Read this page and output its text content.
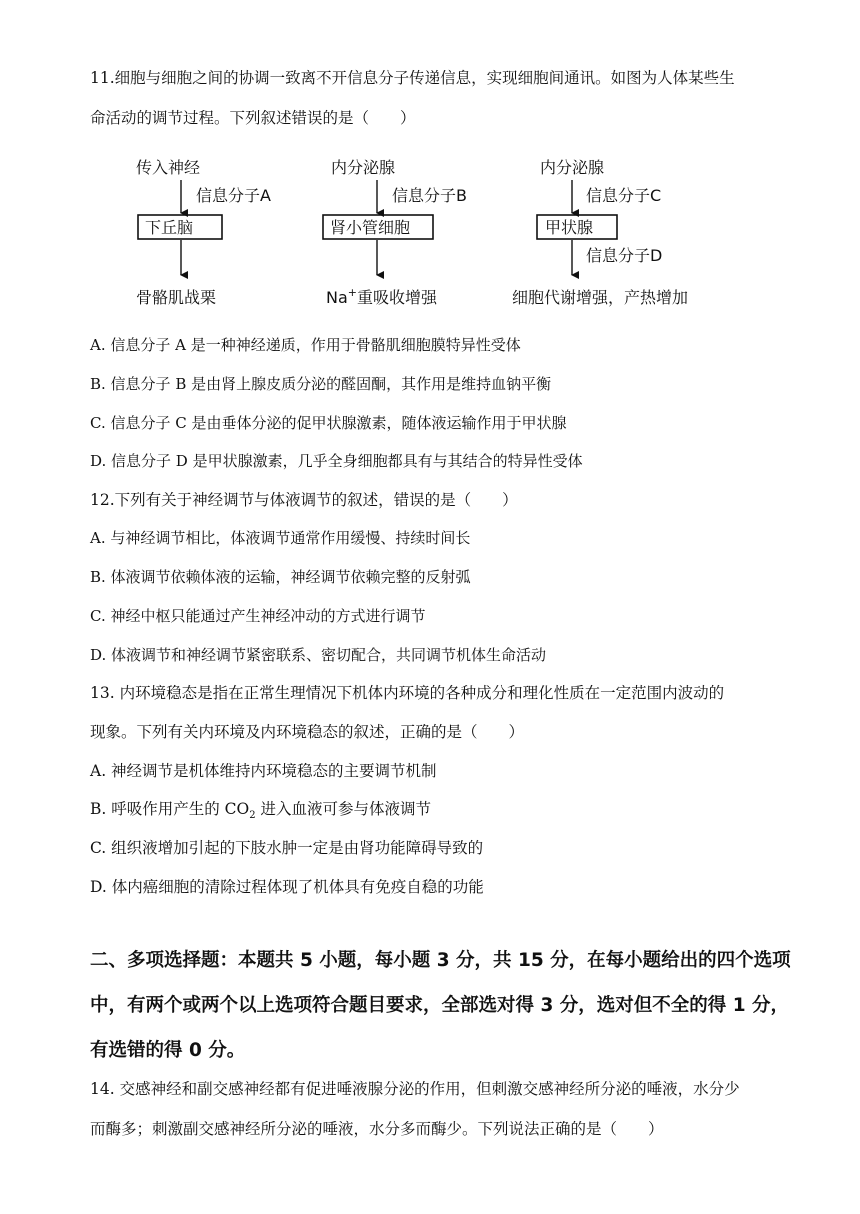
11.细胞与细胞之间的协调一致离不开信息分子传递信息，实现细胞间通讯。如图为人体某些生
命活动的调节过程。下列叙述错误的是（　　）
传入神经
信息分子A
下丘脑
骨骼肌战栗
内分泌腺
信息分子B
肾小管细胞
Na+重吸收增强
内分泌腺
信息分子C
甲状腺
信息分子D
细胞代谢增强，产热增加
A. 信息分子 A 是一种神经递质，作用于骨骼肌细胞膜特异性受体
B. 信息分子 B 是由肾上腺皮质分泌的醛固酮，其作用是维持血钠平衡
C. 信息分子 C 是由垂体分泌的促甲状腺激素，随体液运输作用于甲状腺
D. 信息分子 D 是甲状腺激素，几乎全身细胞都具有与其结合的特异性受体
12.下列有关于神经调节与体液调节的叙述，错误的是（　　）
A. 与神经调节相比，体液调节通常作用缓慢、持续时间长
B. 体液调节依赖体液的运输，神经调节依赖完整的反射弧
C. 神经中枢只能通过产生神经冲动的方式进行调节
D. 体液调节和神经调节紧密联系、密切配合，共同调节机体生命活动
13. 内环境稳态是指在正常生理情况下机体内环境的各种成分和理化性质在一定范围内波动的
现象。下列有关内环境及内环境稳态的叙述，正确的是（　　）
A. 神经调节是机体维持内环境稳态的主要调节机制
B. 呼吸作用产生的 $CO_2$ 进入血液可参与体液调节
C. 组织液增加引起的下肢水肿一定是由肾功能障碍导致的
D. 体内癌细胞的清除过程体现了机体具有免疫自稳的功能
二、多项选择题：本题共 5 小题，每小题 3 分，共 15 分，在每小题给出的四个选项
中，有两个或两个以上选项符合题目要求，全部选对得 3 分，选对但不全的得 1 分，
有选错的得 0 分。
14. 交感神经和副交感神经都有促进唾液腺分泌的作用，但刺激交感神经所分泌的唾液，水分少
而酶多；刺激副交感神经所分泌的唾液，水分多而酶少。下列说法正确的是（　　）
